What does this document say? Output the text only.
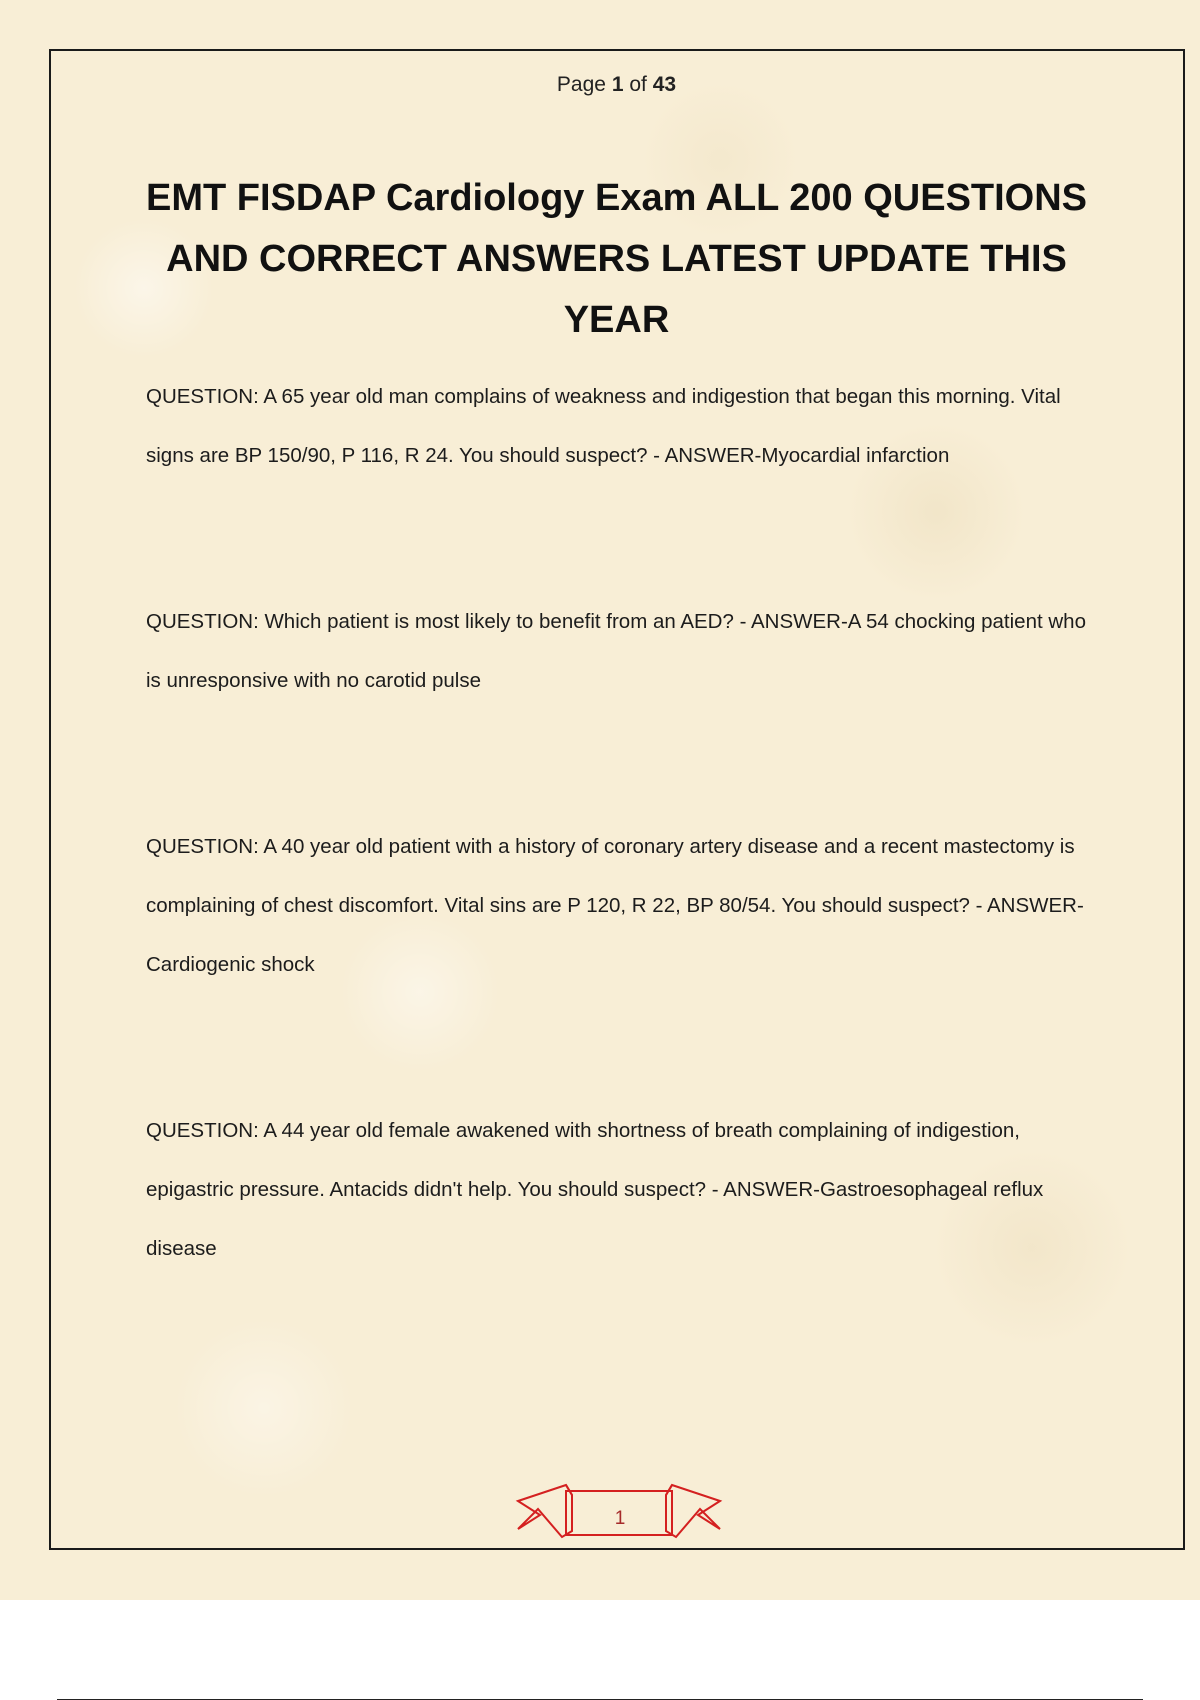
Page 1 of 43
EMT FISDAP Cardiology Exam ALL 200 QUESTIONS AND CORRECT ANSWERS LATEST UPDATE THIS YEAR

QUESTION: A 65 year old man complains of weakness and indigestion that began this morning. Vital signs are BP 150/90, P 116, R 24. You should suspect? - ANSWER-Myocardial infarction

QUESTION: Which patient is most likely to benefit from an AED? - ANSWER-A 54 chocking patient who is unresponsive with no carotid pulse

QUESTION: A 40 year old patient with a history of coronary artery disease and a recent mastectomy is complaining of chest discomfort. Vital sins are P 120, R 22, BP 80/54. You should suspect? - ANSWER-Cardiogenic shock

QUESTION: A 44 year old female awakened with shortness of breath complaining of indigestion, epigastric pressure. Antacids didn't help. You should suspect? - ANSWER-Gastroesophageal reflux disease

1
